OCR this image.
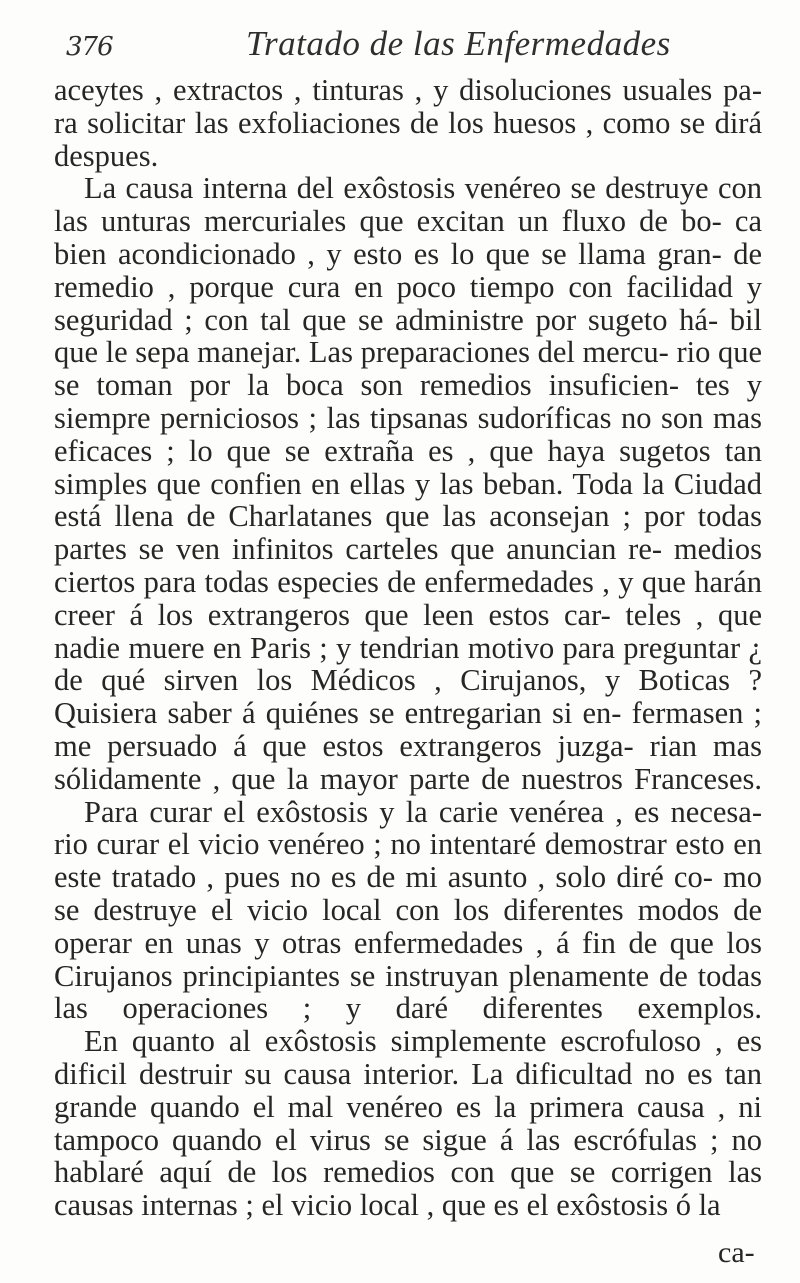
376	Tratado de las Enfermedades

aceytes , extractos , tinturas , y disoluciones usuales pa- ra solicitar las exfoliaciones de los huesos , como se dirá despues.

La causa interna del exôstosis venéreo se destruye con las unturas mercuriales que excitan un fluxo de bo- ca bien acondicionado , y esto es lo que se llama gran- de remedio , porque cura en poco tiempo con facilidad y seguridad ; con tal que se administre por sugeto há- bil que le sepa manejar. Las preparaciones del mercu- rio que se toman por la boca son remedios insuficien- tes y siempre perniciosos ; las tipsanas sudoríficas no son mas eficaces ; lo que se extraña es , que haya sugetos tan simples que confien en ellas y las beban. Toda la Ciudad está llena de Charlatanes que las aconsejan ; por todas partes se ven infinitos carteles que anuncian re- medios ciertos para todas especies de enfermedades , y que harán creer á los extrangeros que leen estos car- teles , que nadie muere en Paris ; y tendrian motivo para preguntar ¿ de qué sirven los Médicos , Cirujanos, y Boticas ? Quisiera saber á quiénes se entregarian si en- fermasen ; me persuado á que estos extrangeros juzga- rian mas sólidamente , que la mayor parte de nuestros Franceses.

Para curar el exôstosis y la carie venérea , es necesa- rio curar el vicio venéreo ; no intentaré demostrar esto en este tratado , pues no es de mi asunto , solo diré co- mo se destruye el vicio local con los diferentes modos de operar en unas y otras enfermedades , á fin de que los Cirujanos principiantes se instruyan plenamente de todas las operaciones ; y daré diferentes exemplos.

En quanto al exôstosis simplemente escrofuloso , es dificil destruir su causa interior. La dificultad no es tan grande quando el mal venéreo es la primera causa , ni tampoco quando el virus se sigue á las escrófulas ; no hablaré aquí de los remedios con que se corrigen las causas internas ; el vicio local , que es el exôstosis ó la

ca-
